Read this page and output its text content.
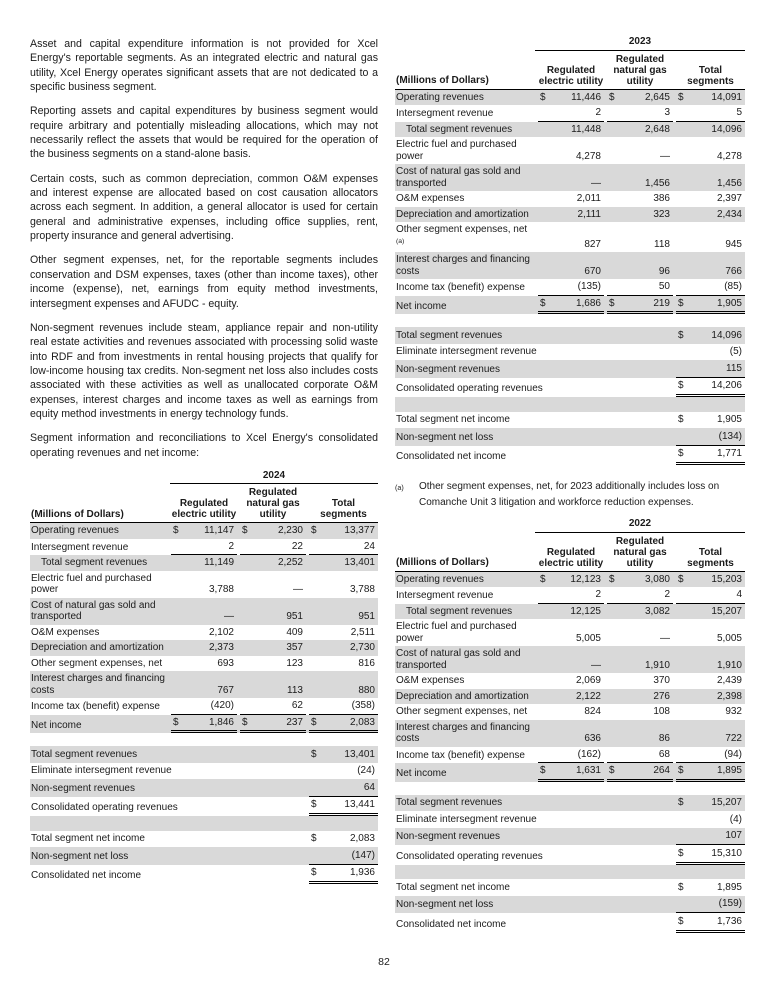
Asset and capital expenditure information is not provided for Xcel Energy's reportable segments. As an integrated electric and natural gas utility, Xcel Energy operates significant assets that are not dedicated to a specific business segment.

Reporting assets and capital expenditures by business segment would require arbitrary and potentially misleading allocations, which may not necessarily reflect the assets that would be required for the operation of the business segments on a stand-alone basis.

Certain costs, such as common depreciation, common O&M expenses and interest expense are allocated based on cost causation allocators across each segment. In addition, a general allocator is used for certain general and administrative expenses, including office supplies, rent, property insurance and general advertising.

Other segment expenses, net, for the reportable segments includes conservation and DSM expenses, taxes (other than income taxes), other income (expense), net, earnings from equity method investments, intersegment expenses and AFUDC - equity.

Non-segment revenues include steam, appliance repair and non-utility real estate activities and revenues associated with processing solid waste into RDF and from investments in rental housing projects that qualify for low-income housing tax credits. Non-segment net loss also includes costs associated with these activities as well as unallocated corporate O&M expenses, interest charges and income taxes as well as earnings from equity method investments in energy technology funds.

Segment information and reconciliations to Xcel Energy's consolidated operating revenues and net income:

2024
(Millions of Dollars)
Regulated electric utility
Regulated natural gas utility
Total segments
Operating revenues	$	11,147 $	2,230 $	13,377
Intersegment revenue	2	22	24
Total segment revenues	11,149	2,252	13,401
Electric fuel and purchased power	3,788	—	3,788
Cost of natural gas sold and transported	—	951	951
O&M expenses	2,102	409	2,511
Depreciation and amortization	2,373	357	2,730
Other segment expenses, net	693	123	816
Interest charges and financing costs	767	113	880
Income tax (benefit) expense	(420)	62	(358)
Net income	$	1,846 $	237 $	2,083
Total segment revenues	$	13,401
Eliminate intersegment revenue	(24)
Non-segment revenues	64
Consolidated operating revenues	$	13,441
Total segment net income	$	2,083
Non-segment net loss	(147)
Consolidated net income	$	1,936
2023
(Millions of Dollars)
Regulated electric utility
Regulated natural gas utility
Total segments
Operating revenues	$	11,446 $	2,645 $	14,091
Intersegment revenue	2	3	5
Total segment revenues	11,448	2,648	14,096
Electric fuel and purchased power	4,278	—	4,278
Cost of natural gas sold and transported	—	1,456	1,456
O&M expenses	2,011	386	2,397
Depreciation and amortization	2,111	323	2,434
Other segment expenses, net $^{(a)}$	827	118	945
Interest charges and financing costs	670	96	766
Income tax (benefit) expense	(135)	50	(85)
Net income	$	1,686 $	219 $	1,905
Total segment revenues	$	14,096
Eliminate intersegment revenue	(5)
Non-segment revenues	115
Consolidated operating revenues	$	14,206
Total segment net income	$	1,905
Non-segment net loss	(134)
Consolidated net income	$	1,771
(a)	Other segment expenses, net, for 2023 additionally includes loss on Comanche Unit 3 litigation and workforce reduction expenses.
2022
(Millions of Dollars)
Regulated electric utility
Regulated natural gas utility
Total segments
Operating revenues	$ 12,123 $	3,080 $	15,203
Intersegment revenue	2	2	4
Total segment revenues	12,125	3,082	15,207
Electric fuel and purchased power	5,005	—	5,005
Cost of natural gas sold and transported	—	1,910	1,910
O&M expenses	2,069	370	2,439
Depreciation and amortization	2,122	276	2,398
Other segment expenses, net	824	108	932
Interest charges and financing costs	636	86	722
Income tax (benefit) expense	(162)	68	(94)
Net income	$	1,631 $	264 $	1,895
Total segment revenues	$	15,207
Eliminate intersegment revenue	(4)
Non-segment revenues	107
Consolidated operating revenues	$	15,310
Total segment net income	$	1,895
Non-segment net loss	(159)
Consolidated net income	$	1,736
82
